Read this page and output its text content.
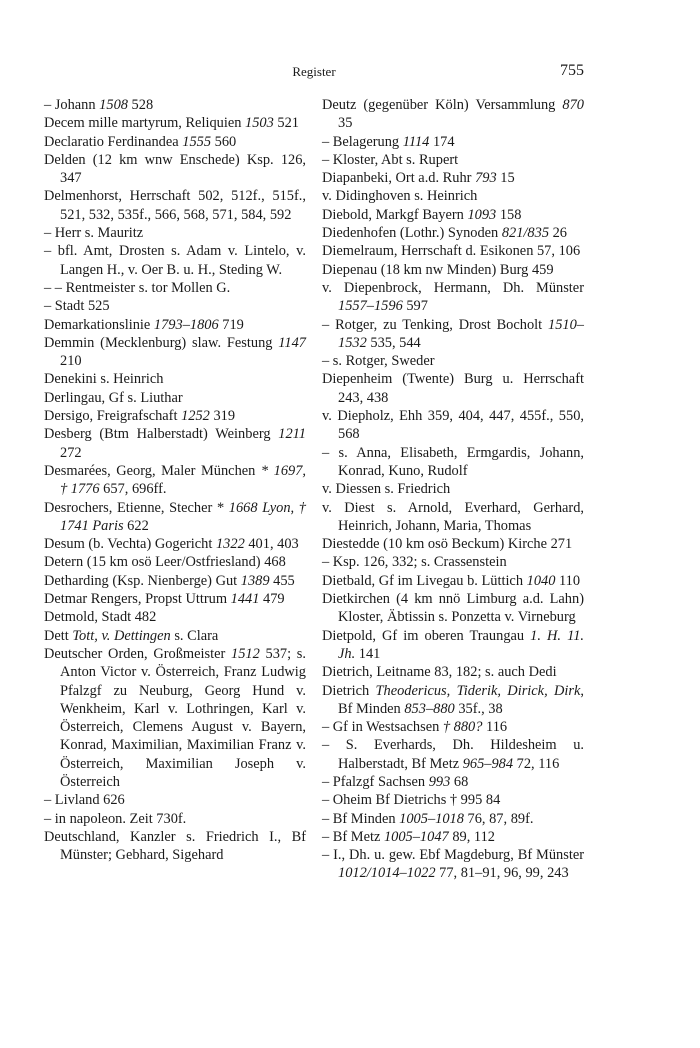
Register	755

– Johann 1508 528

Decem mille martyrum, Reliquien 1503 521

Declaratio Ferdinandea 1555 560

Delden (12 km wnw Enschede) Ksp. 126, 347

Delmenhorst, Herrschaft 502, 512f., 515f., 521, 532, 535f., 566, 568, 571, 584, 592

– Herr s. Mauritz

– bfl. Amt, Drosten s. Adam v. Lintelo, v. Langen H., v. Oer B. u. H., Steding W.

– – Rentmeister s. tor Mollen G.

– Stadt 525

Demarkationslinie 1793–1806 719

Demmin (Mecklenburg) slaw. Festung 1147 210

Denekini s. Heinrich

Derlingau, Gf s. Liuthar

Dersigo, Freigrafschaft 1252 319

Desberg (Btm Halberstadt) Weinberg 1211 272

Desmarées, Georg, Maler München * 1697, † 1776 657, 696ff.

Desrochers, Etienne, Stecher * 1668 Lyon, † 1741 Paris 622

Desum (b. Vechta) Gogericht 1322 401, 403

Detern (15 km osö Leer/Ostfriesland) 468

Detharding (Ksp. Nienberge) Gut 1389 455

Detmar Rengers, Propst Uttrum 1441 479

Detmold, Stadt 482

Dett Tott, v. Dettingen s. Clara

Deutscher Orden, Großmeister 1512 537; s. Anton Victor v. Österreich, Franz Ludwig Pfalzgf zu Neuburg, Georg Hund v. Wenkheim, Karl v. Lothringen, Karl v. Österreich, Clemens August v. Bayern, Konrad, Maximilian, Maximilian Franz v. Österreich, Maximilian Joseph v. Österreich

– Livland 626

– in napoleon. Zeit 730f.

Deutschland, Kanzler s. Friedrich I., Bf Münster; Gebhard, Sigehard

Deutz (gegenüber Köln) Versammlung 870 35

– Belagerung 1114 174

– Kloster, Abt s. Rupert

Diapanbeki, Ort a.d. Ruhr 793 15

v. Didinghoven s. Heinrich

Diebold, Markgf Bayern 1093 158

Diedenhofen (Lothr.) Synoden 821/835 26

Diemelraum, Herrschaft d. Esikonen 57, 106

Diepenau (18 km nw Minden) Burg 459

v. Diepenbrock, Hermann, Dh. Münster 1557–1596 597

– Rotger, zu Tenking, Drost Bocholt 1510–1532 535, 544

– s. Rotger, Sweder

Diepenheim (Twente) Burg u. Herrschaft 243, 438

v. Diepholz, Ehh 359, 404, 447, 455f., 550, 568

– s. Anna, Elisabeth, Ermgardis, Johann, Konrad, Kuno, Rudolf

v. Diessen s. Friedrich

v. Diest s. Arnold, Everhard, Gerhard, Heinrich, Johann, Maria, Thomas

Diestedde (10 km osö Beckum) Kirche 271

– Ksp. 126, 332; s. Crassenstein

Dietbald, Gf im Livegau b. Lüttich 1040 110

Dietkirchen (4 km nnö Limburg a.d. Lahn) Kloster, Äbtissin s. Ponzetta v. Virneburg

Dietpold, Gf im oberen Traungau 1. H. 11. Jh. 141

Dietrich, Leitname 83, 182; s. auch Dedi

Dietrich Theodericus, Tiderik, Dirick, Dirk, Bf Minden 853–880 35f., 38

– Gf in Westsachsen † 880? 116

– S. Everhards, Dh. Hildesheim u. Halberstadt, Bf Metz 965–984 72, 116

– Pfalzgf Sachsen 993 68

– Oheim Bf Dietrichs † 995 84

– Bf Minden 1005–1018 76, 87, 89f.

– Bf Metz 1005–1047 89, 112

– I., Dh. u. gew. Ebf Magdeburg, Bf Münster 1012/1014–1022 77, 81–91, 96, 99, 243
